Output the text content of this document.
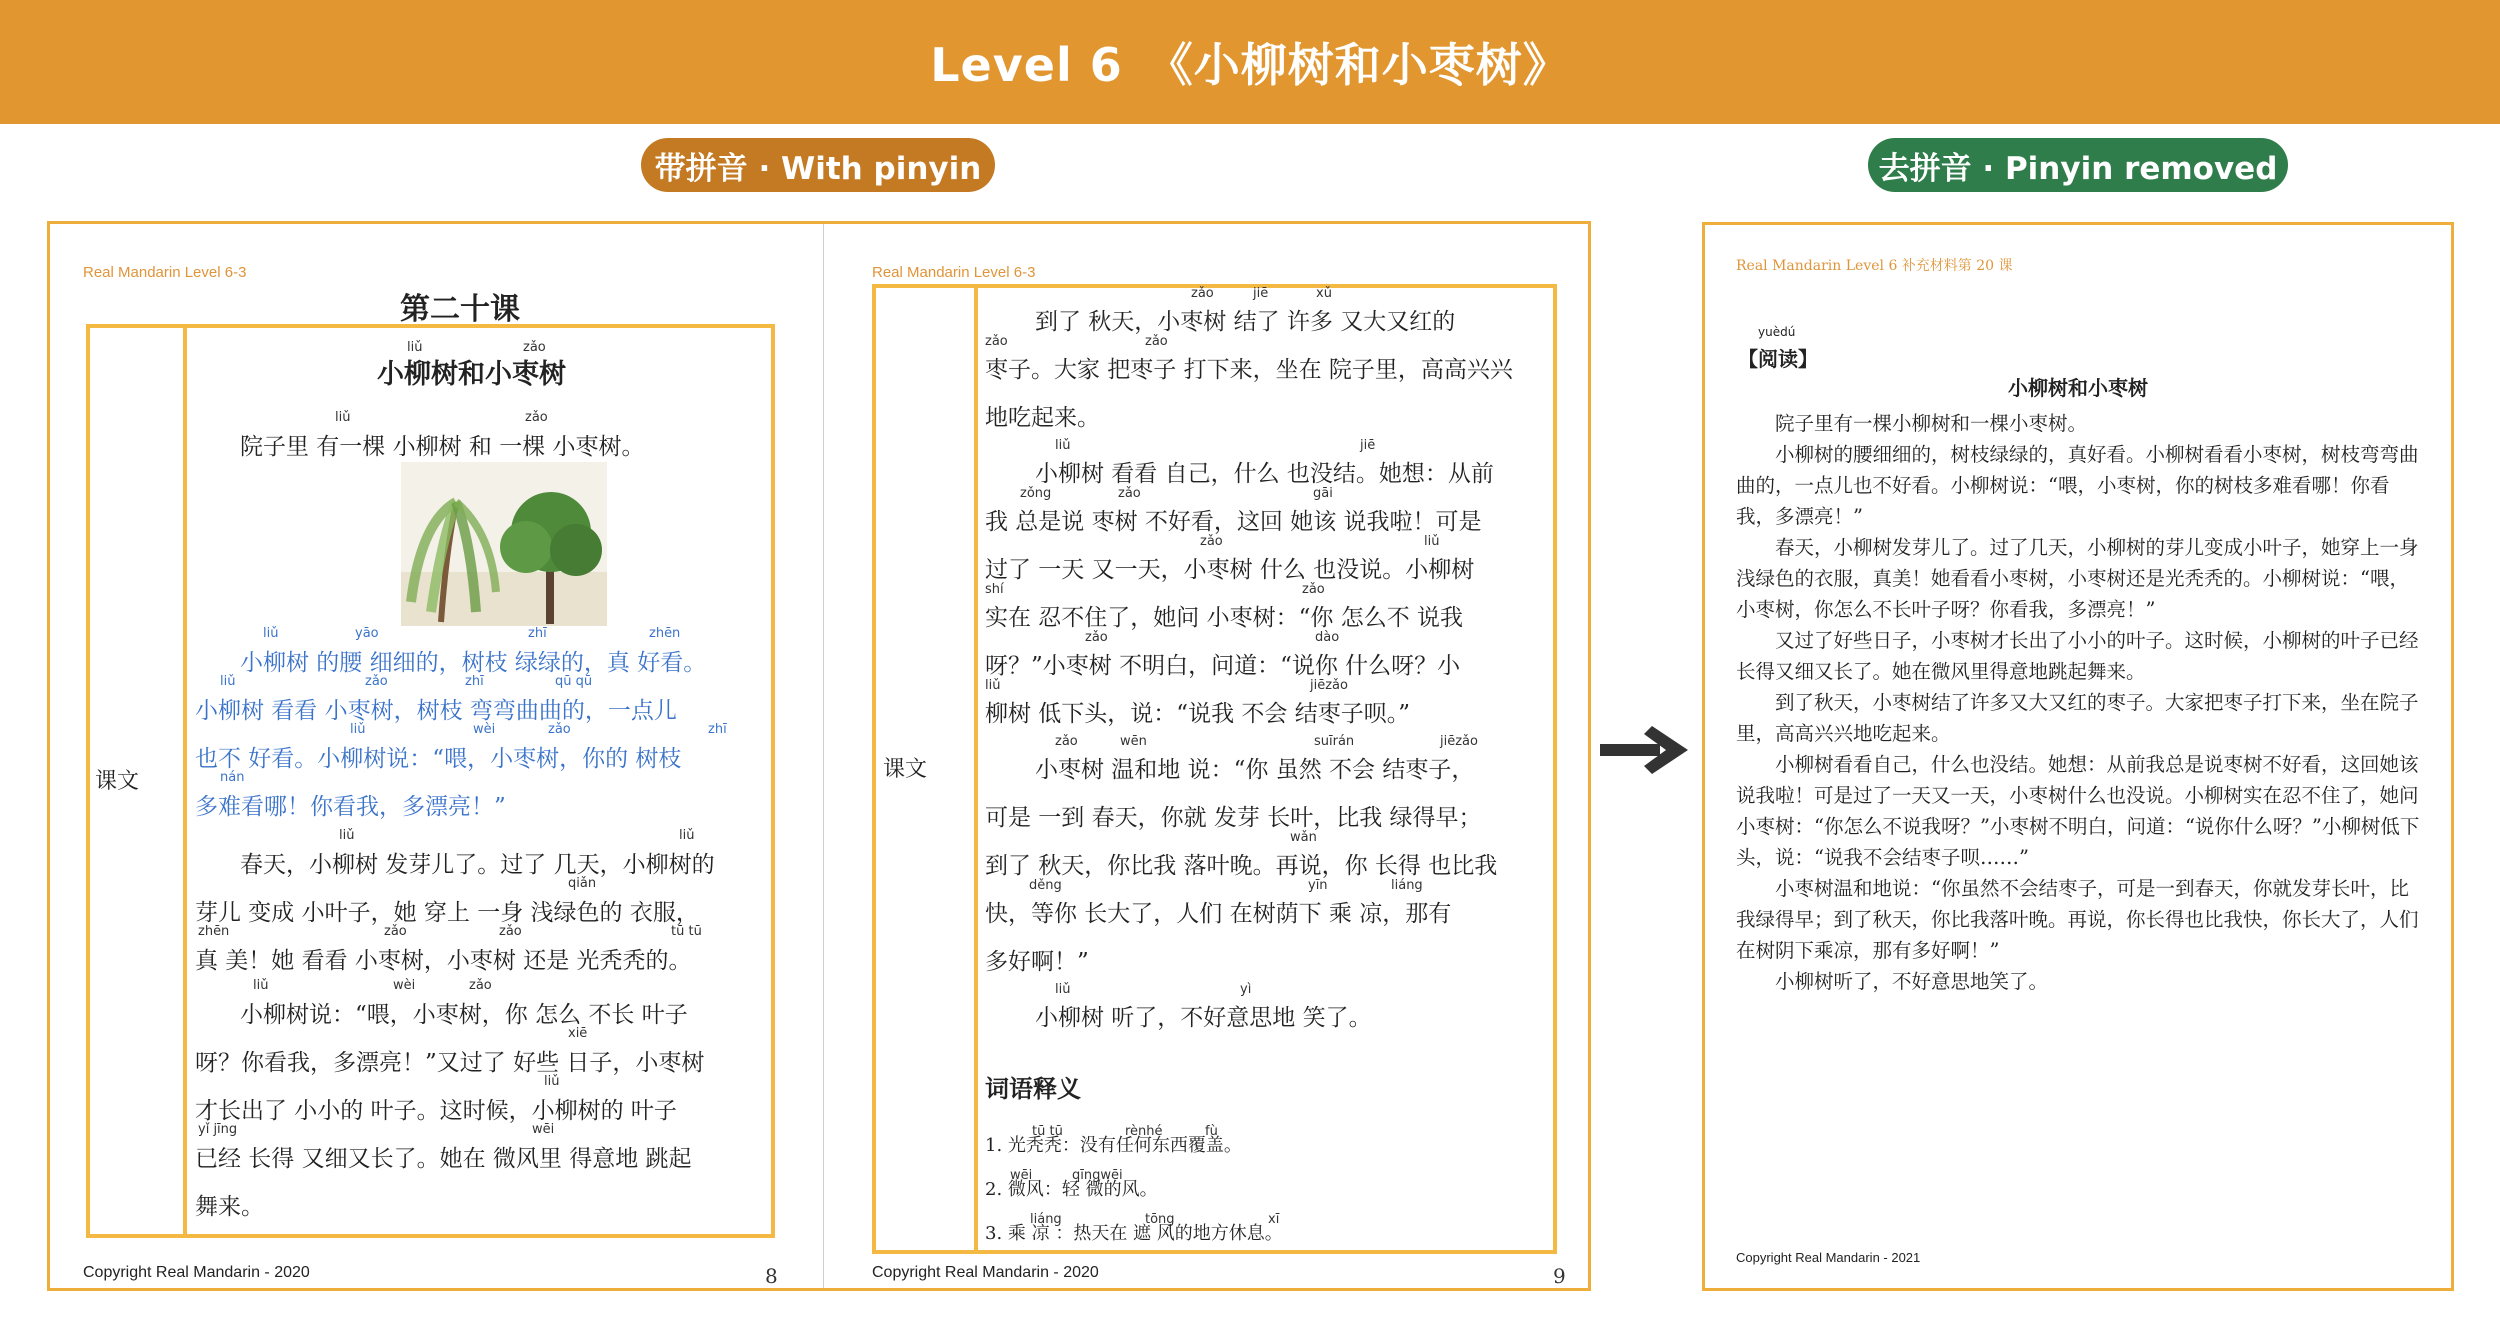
Level 6　《小柳树和小枣树》
带拼音 · With pinyin	去拼音 · Pinyin removed
Real Mandarin Level 6-3
第二十课
课文
小柳树和小枣树
liǔ	zǎo
院子里 有一棵 小柳树 和 一棵 小枣树。
小柳树 的腰 细细的，树枝 绿绿的，真 好看。
小柳树 看看 小枣树，树枝 弯弯曲曲的，一点儿
也不 好看。小柳树说：“喂，小枣树，你的 树枝
多难看哪！你看我，多漂亮！”
春天，小柳树 发芽儿了。过了 几天，小柳树的
芽儿 变成 小叶子，她 穿上 一身 浅绿色的 衣服，
真 美！她 看看 小枣树，小枣树 还是 光秃秃的。
小柳树说：“喂，小枣树，你 怎么 不长 叶子
呀？你看我，多漂亮！”又过了 好些 日子，小枣树
才长出了 小小的 叶子。这时候，小柳树的 叶子
已经 长得 又细又长了。她在 微风里 得意地 跳起
舞来。
liǔ	zǎo
liǔ	yāo	zhī	zhēn
liǔ	zǎo	zhī	qū qū
liǔ	wèi	zǎo	zhī
nán
liǔ	liǔ
qiǎn
zhēn	zǎo	zǎo	tū tū
liǔ	wèi	zǎo
xiē
liǔ
yǐ jīng	wēi
Copyright Real Mandarin - 2020	8
Real Mandarin Level 6-3
课文
到了 秋天，小枣树 结了 许多 又大又红的
枣子。大家 把枣子 打下来，坐在 院子里，高高兴兴
地吃起来。
小柳树 看看 自己，什么 也没结。她想：从前
我 总是说 枣树 不好看，这回 她该 说我啦！可是
过了 一天 又一天，小枣树 什么 也没说。小柳树
实在 忍不住了，她问 小枣树：“你 怎么不 说我
呀？”小枣树 不明白，问道：“说你 什么呀？小
柳树 低下头，说：“说我 不会 结枣子呗。”
小枣树 温和地 说：“你 虽然 不会 结枣子，
可是 一到 春天，你就 发芽 长叶，比我 绿得早；
到了 秋天，你比我 落叶晚。再说，你 长得 也比我
快，等你 长大了，人们 在树荫下 乘 凉，那有
多好啊！”
小柳树 听了，不好意思地 笑了。
zǎo	jiē	xǔ
zǎo	zǎo
liǔ	jiē
zǒng	zǎo	gāi
zǎo	liǔ
shí	zǎo
zǎo	dào
liǔ	jiēzǎo
zǎo	wēn	suīrán	jiēzǎo
wǎn
děng	yīn	liáng
liǔ	yì
词语释义
1. 光秃秃：没有任何东西覆盖。
2. 微风：轻 微的风。
3. 乘 凉 ：热天在 遮 风的地方休息。
tū tū	rènhé	fù
wēi	qīngwēi
liáng	tōng	xī
Copyright Real Mandarin - 2020	9
Real Mandarin Level 6 补充材料第 20 课
yuèdú
【阅读】
小柳树和小枣树

院子里有一棵小柳树和一棵小枣树。

小柳树的腰细细的，树枝绿绿的，真好看。小柳树看看小枣树，树枝弯弯曲曲的，一点儿也不好看。小柳树说：“喂，小枣树，你的树枝多难看哪！你看我，多漂亮！”

春天，小柳树发芽儿了。过了几天，小柳树的芽儿变成小叶子，她穿上一身浅绿色的衣服，真美！她看看小枣树，小枣树还是光秃秃的。小柳树说：“喂，小枣树，你怎么不长叶子呀？你看我，多漂亮！”

又过了好些日子，小枣树才长出了小小的叶子。这时候，小柳树的叶子已经长得又细又长了。她在微风里得意地跳起舞来。

到了秋天，小枣树结了许多又大又红的枣子。大家把枣子打下来，坐在院子里，高高兴兴地吃起来。

小柳树看看自己，什么也没结。她想：从前我总是说枣树不好看，这回她该说我啦！可是过了一天又一天，小枣树什么也没说。小柳树实在忍不住了，她问小枣树：“你怎么不说我呀？”小枣树不明白，问道：“说你什么呀？”小柳树低下头，说：“说我不会结枣子呗……”

小枣树温和地说：“你虽然不会结枣子，可是一到春天，你就发芽长叶，比我绿得早；到了秋天，你比我落叶晚。再说，你长得也比我快，你长大了，人们在树阴下乘凉，那有多好啊！”

小柳树听了，不好意思地笑了。

Copyright Real Mandarin - 2021
